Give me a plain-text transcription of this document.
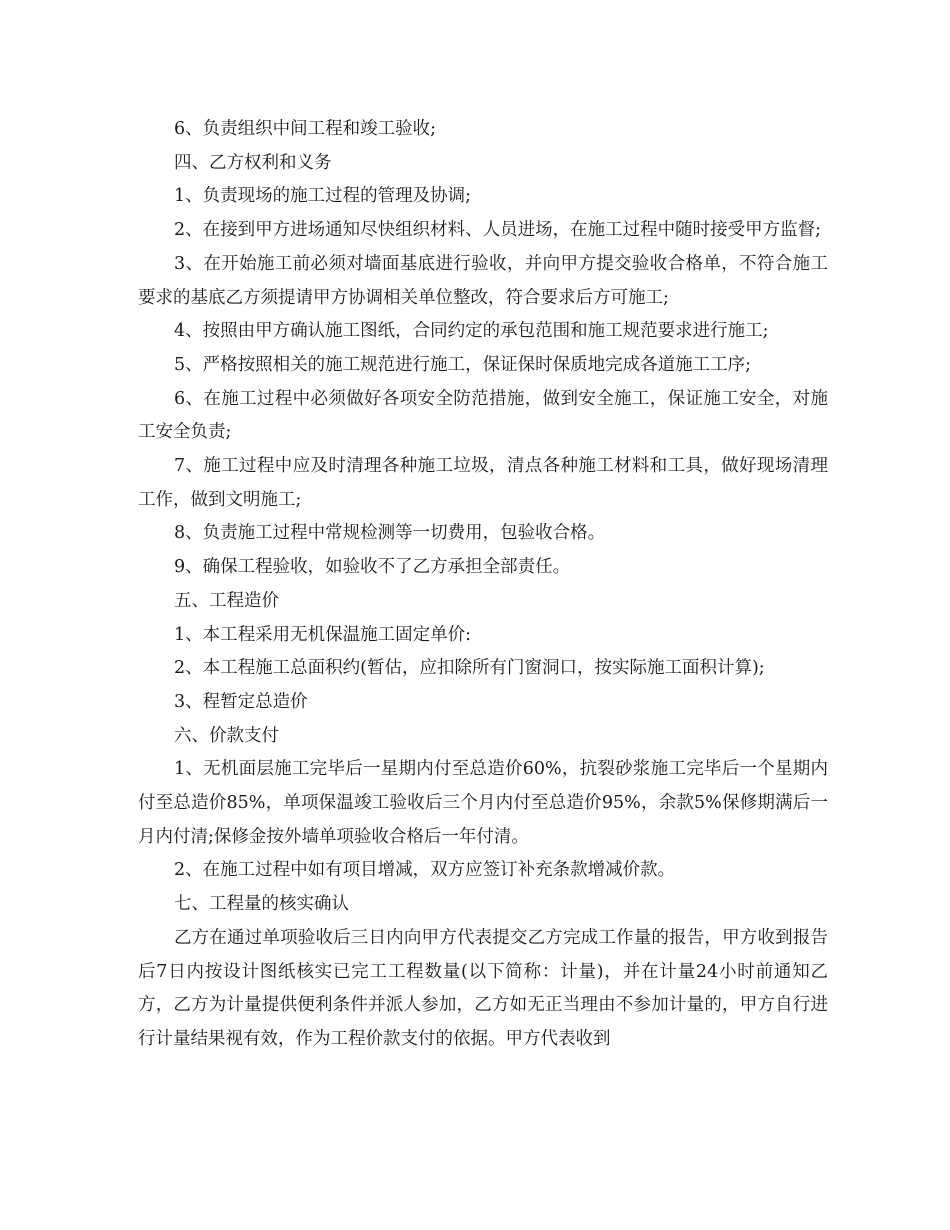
6、负责组织中间工程和竣工验收;

四、乙方权利和义务

1、负责现场的施工过程的管理及协调;

2、在接到甲方进场通知尽快组织材料、人员进场，在施工过程中随时接受甲方监督;

3、在开始施工前必须对墙面基底进行验收，并向甲方提交验收合格单，不符合施工要求的基底乙方须提请甲方协调相关单位整改，符合要求后方可施工;

4、按照由甲方确认施工图纸，合同约定的承包范围和施工规范要求进行施工;

5、严格按照相关的施工规范进行施工，保证保时保质地完成各道施工工序;

6、在施工过程中必须做好各项安全防范措施，做到安全施工，保证施工安全，对施工安全负责;

7、施工过程中应及时清理各种施工垃圾，清点各种施工材料和工具，做好现场清理工作，做到文明施工;

8、负责施工过程中常规检测等一切费用，包验收合格。

9、确保工程验收，如验收不了乙方承担全部责任。

五、工程造价

1、本工程采用无机保温施工固定单价:

2、本工程施工总面积约(暂估，应扣除所有门窗洞口，按实际施工面积计算);

3、程暂定总造价

六、价款支付

1、无机面层施工完毕后一星期内付至总造价60%，抗裂砂浆施工完毕后一个星期内付至总造价85%，单项保温竣工验收后三个月内付至总造价95%，余款5%保修期满后一月内付清;保修金按外墙单项验收合格后一年付清。

2、在施工过程中如有项目增减，双方应签订补充条款增减价款。

七、工程量的核实确认

乙方在通过单项验收后三日内向甲方代表提交乙方完成工作量的报告，甲方收到报告后7日内按设计图纸核实已完工工程数量(以下简称：计量)，并在计量24小时前通知乙方，乙方为计量提供便利条件并派人参加，乙方如无正当理由不参加计量的，甲方自行进行计量结果视有效，作为工程价款支付的依据。甲方代表收到
